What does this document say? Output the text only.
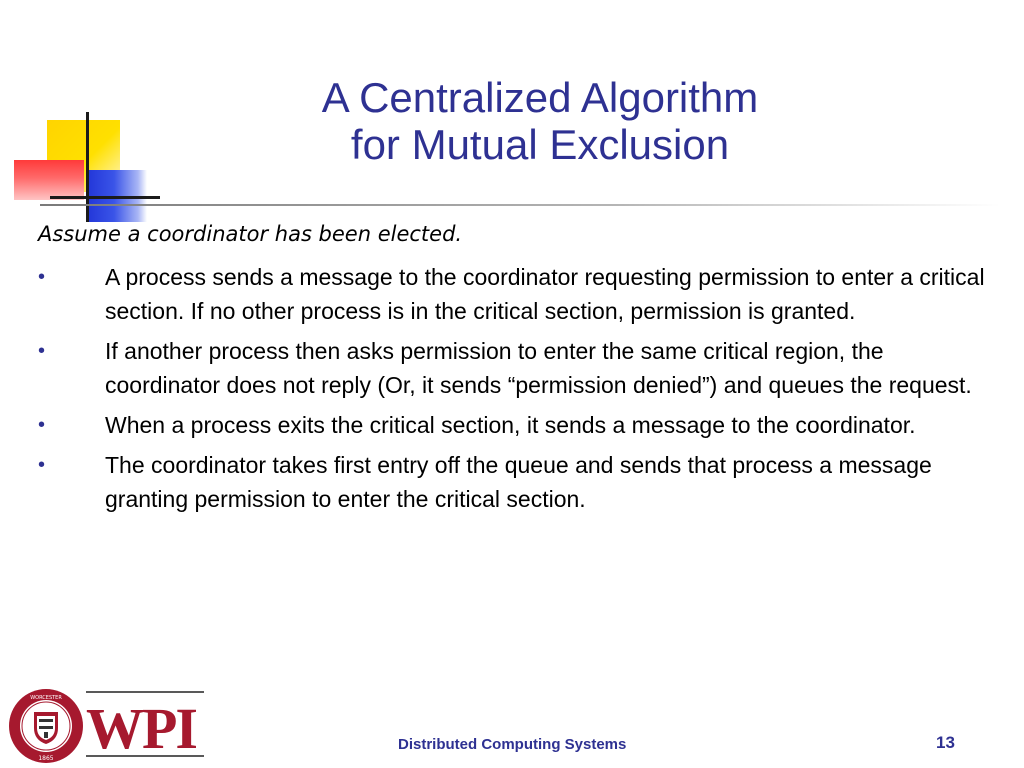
A Centralized Algorithm
for Mutual Exclusion
Assume a coordinator has been elected.
•	A process sends a message to the coordinator requesting permission to enter a critical section. If no other process is in the critical section, permission is granted.
•	If another process then asks permission to enter the same critical region, the coordinator does not reply (Or, it sends “permission denied”) and queues the request.
•	When a process exits the critical section, it sends a message to the coordinator.
•	The coordinator takes first entry off the queue and sends that process a message granting permission to enter the critical section.
WORCESTER
1865 WPI	Distributed Computing Systems	13
